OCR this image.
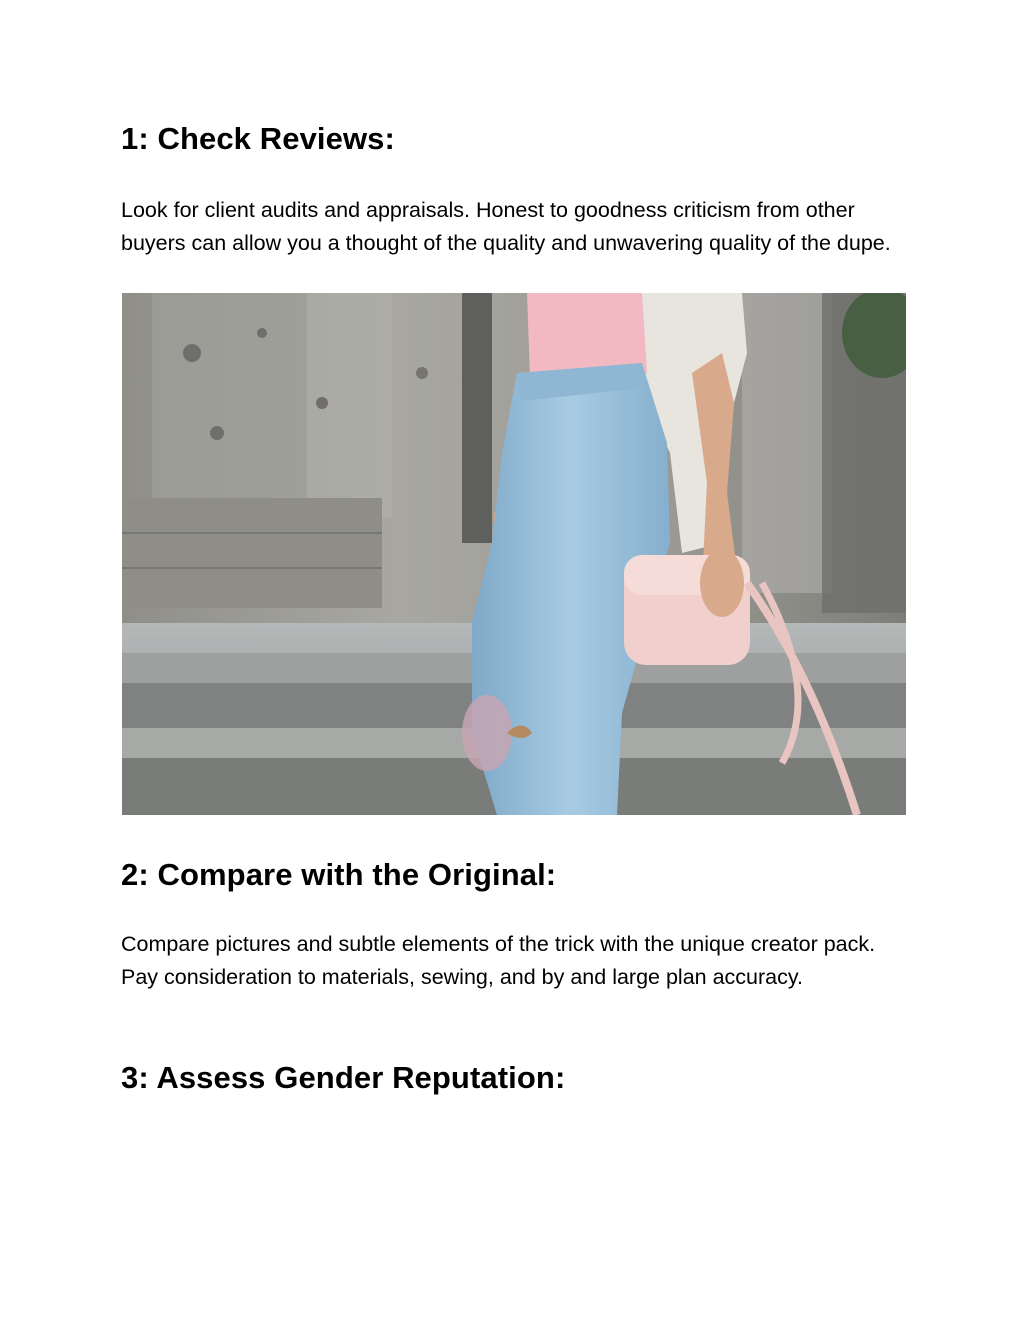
1: Check Reviews:

Look for client audits and appraisals. Honest to goodness criticism from other buyers can allow you a thought of the quality and unwavering quality of the dupe.

2: Compare with the Original:

Compare pictures and subtle elements of the trick with the unique creator pack. Pay consideration to materials, sewing, and by and large plan accuracy.

3: Assess Gender Reputation:
